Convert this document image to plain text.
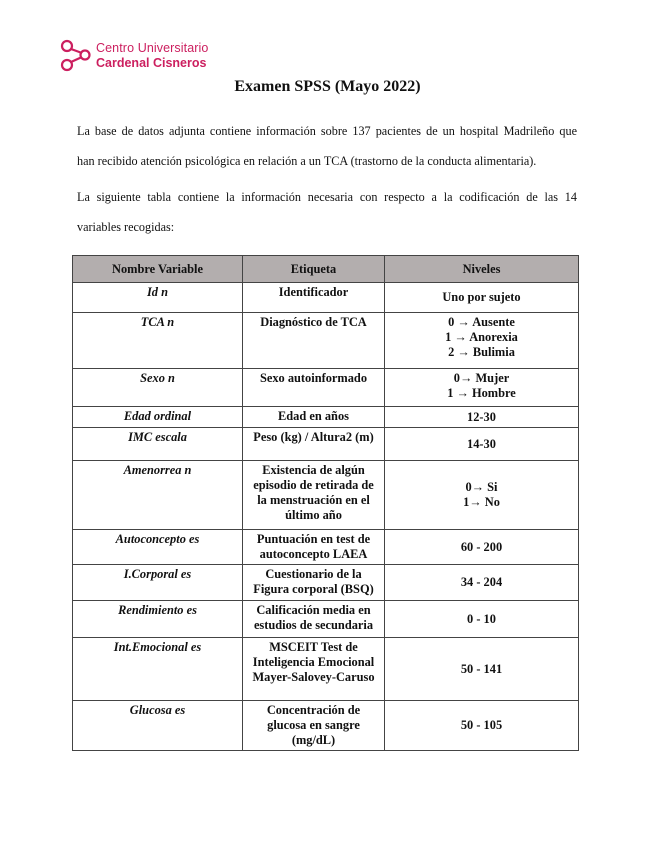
Centro Universitario
Cardenal Cisneros
Examen SPSS (Mayo 2022)
La base de datos adjunta contiene información sobre 137 pacientes de un hospital Madrileño que
han recibido atención psicológica en relación a un TCA (trastorno de la conducta alimentaria).
La siguiente tabla contiene la información necesaria con respecto a la codificación de las 14
variables recogidas:
Nombre Variable	Etiqueta	Niveles
Id n	Identificador	Uno por sujeto

TCA n	Diagnóstico de TCA	0 → Ausente
1 → Anorexia
2 → Bulimia

Sexo n	Sexo autoinformado	0→ Mujer
1 → Hombre

Edad ordinal	Edad en años	12-30

IMC escala	Peso (kg) / Altura2 (m)	14-30

Amenorrea n	Existencia de algún episodio de retirada de la menstruación en el último año	0→ Si
1→ No

Autoconcepto es	Puntuación en test de autoconcepto LAEA	60 - 200

I.Corporal es	Cuestionario de la Figura corporal (BSQ)	34 - 204

Rendimiento es	Calificación media en estudios de secundaria	0 - 10

Int.Emocional es	MSCEIT Test de Inteligencia Emocional Mayer-Salovey-Caruso	50 - 141

Glucosa es	Concentración de glucosa en sangre (mg/dL)	50 - 105
